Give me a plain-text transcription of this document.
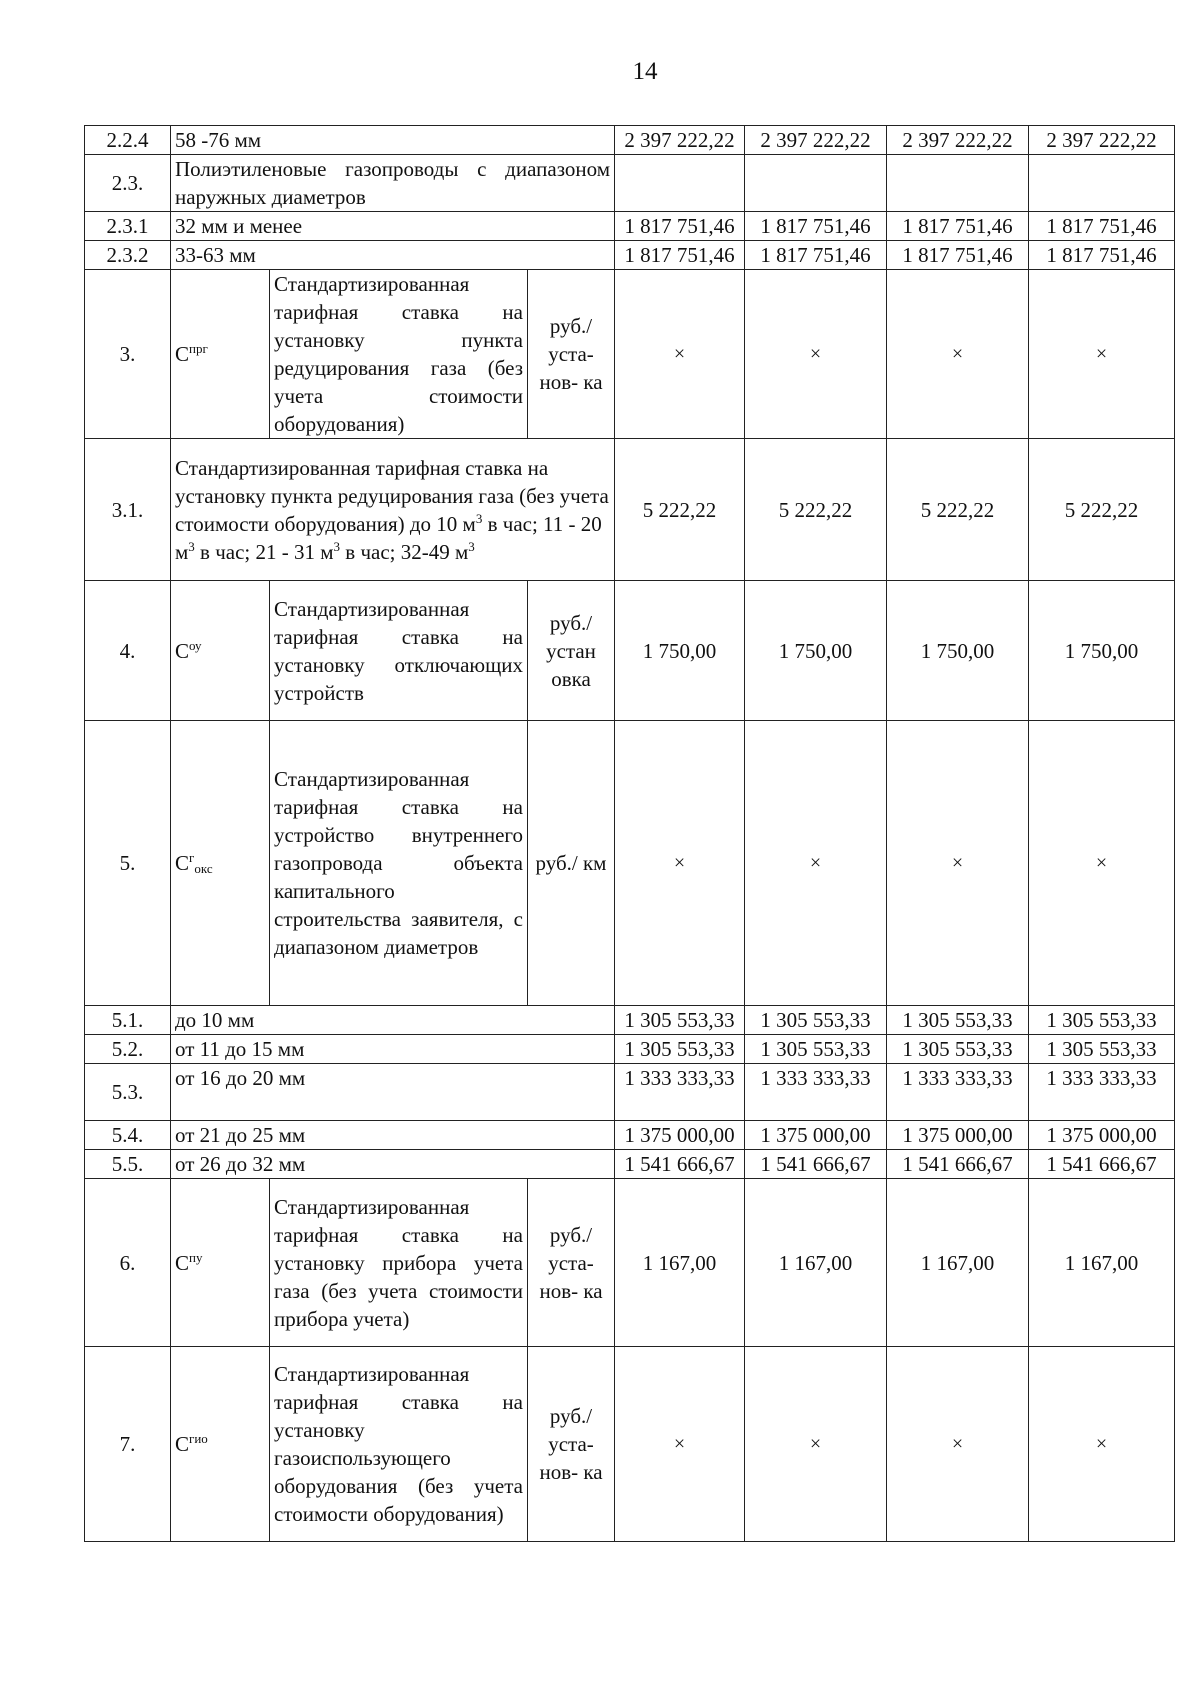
14
2.2.4	58 -76 мм			2 397 222,22	2 397 222,22	2 397 222,22	2 397 222,22
2.3.	Полиэтиленовые газопроводы с диапазоном наружных диаметров						
2.3.1	32 мм и менее			1 817 751,46	1 817 751,46	1 817 751,46	1 817 751,46
2.3.2	33-63 мм			1 817 751,46	1 817 751,46	1 817 751,46	1 817 751,46
3.	$С^{прг}$	Стандартизированная тарифная ставка на установку пункта редуцирования газа (без учета стоимости оборудования)	руб./ уста- нов- ка	×	×	×	×
3.1.	Стандартизированная тарифная ставка на установку пункта редуцирования газа (без учета стоимости оборудования) до 10 $м^3$ в час; 11 - 20 $м^3$ в час; 21 - 31 $м^3$ в час; 32-49 $м^3$			5 222,22	5 222,22	5 222,22	5 222,22
4.	$С^{оу}$	Стандартизированная тарифная ставка на установку отключающих устройств	руб./ устан овка	1 750,00	1 750,00	1 750,00	1 750,00
5.	$С^г_{окс}$	Стандартизированная тарифная ставка на устройство внутреннего газопровода объекта капитального строительства заявителя, с диапазоном диаметров	руб./ км	×	×	×	×
5.1.	до 10 мм			1 305 553,33	1 305 553,33	1 305 553,33	1 305 553,33
5.2.	от 11 до 15 мм			1 305 553,33	1 305 553,33	1 305 553,33	1 305 553,33
5.3.	от 16 до 20 мм			1 333 333,33	1 333 333,33	1 333 333,33	1 333 333,33
5.4.	от 21 до 25 мм			1 375 000,00	1 375 000,00	1 375 000,00	1 375 000,00
5.5.	от 26 до 32 мм			1 541 666,67	1 541 666,67	1 541 666,67	1 541 666,67
6.	$С^{пу}$	Стандартизированная тарифная ставка на установку прибора учета газа (без учета стоимости прибора учета)	руб./ уста- нов- ка	1 167,00	1 167,00	1 167,00	1 167,00
7.	$С^{гио}$	Стандартизированная тарифная ставка на установку газоиспользующего оборудования (без учета стоимости оборудования)	руб./ уста- нов- ка	×	×	×	×
